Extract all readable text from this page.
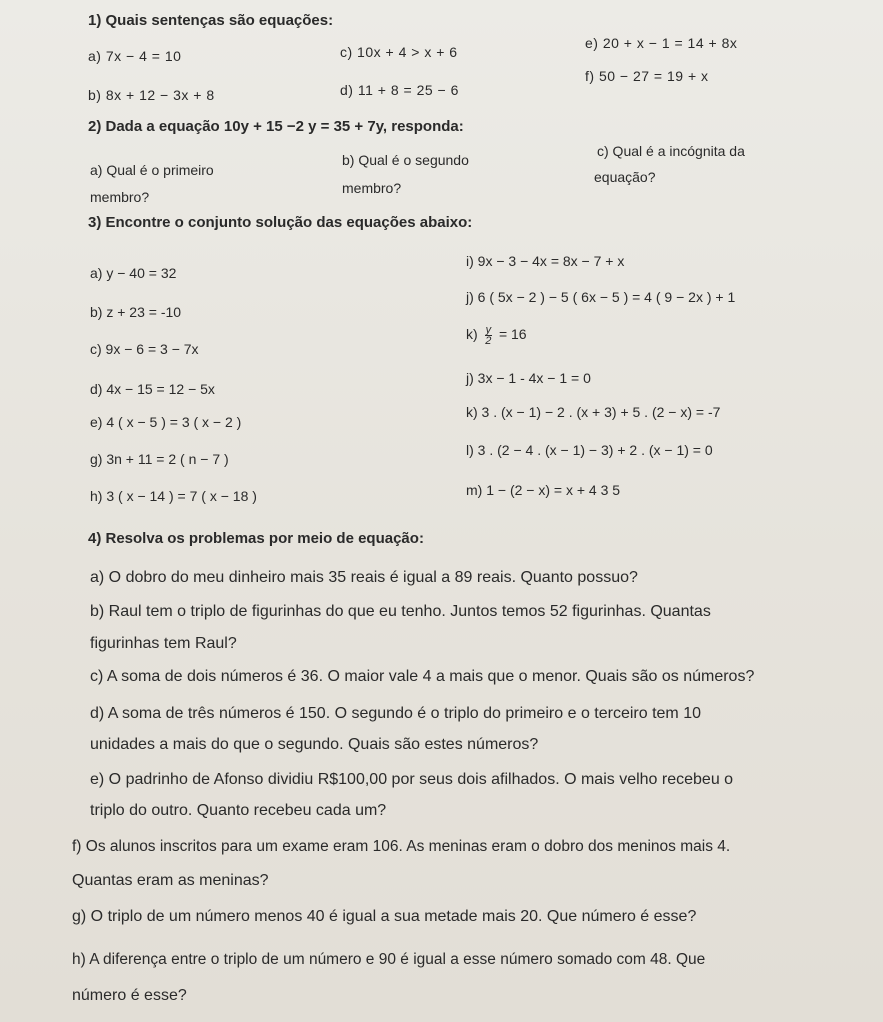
1) Quais sentenças são equações:
a) 7x − 4 = 10
b) 8x + 12 − 3x + 8
c) 10x + 4 > x + 6
d) 11 + 8 = 25 − 6
e) 20 + x − 1 = 14 + 8x
f) 50 − 27 = 19 + x
2) Dada a equação 10y + 15 −2 y = 35 + 7y, responda:
a) Qual é o primeiro
membro?
b) Qual é o segundo
membro?
c) Qual é a incógnita da
equação?
3) Encontre o conjunto solução das equações abaixo:
a) y − 40 = 32
b) z + 23 = -10
c) 9x − 6 = 3 − 7x
d) 4x − 15 = 12 − 5x
e) 4 ( x − 5 ) = 3 ( x − 2 )
g) 3n + 11 = 2 ( n − 7 )
h) 3 ( x − 14 ) = 7 ( x − 18 )
i) 9x − 3 − 4x = 8x − 7 + x
j) 6 ( 5x − 2 ) − 5 ( 6x − 5 ) = 4 ( 9 − 2x ) + 1
$k) \frac{y}{2} = 16$
j) 3x − 1 - 4x − 1 = 0
k) 3 . (x − 1) − 2 . (x + 3) + 5 . (2 − x) = -7
l) 3 . (2 − 4 . (x − 1) − 3) + 2 . (x − 1) = 0
m) 1 − (2 − x) = x + 4 3 5
4) Resolva os problemas por meio de equação:
a) O dobro do meu dinheiro mais 35 reais é igual a 89 reais. Quanto possuo?
b) Raul tem o triplo de figurinhas do que eu tenho. Juntos temos 52 figurinhas. Quantas
figurinhas tem Raul?
c) A soma de dois números é 36. O maior vale 4 a mais que o menor. Quais são os números?
d) A soma de três números é 150. O segundo é o triplo do primeiro e o terceiro tem 10
unidades a mais do que o segundo. Quais são estes números?
e) O padrinho de Afonso dividiu R$100,00 por seus dois afilhados. O mais velho recebeu o
triplo do outro. Quanto recebeu cada um?
f) Os alunos inscritos para um exame eram 106. As meninas eram o dobro dos meninos mais 4.
Quantas eram as meninas?
g) O triplo de um número menos 40 é igual a sua metade mais 20. Que número é esse?
h) A diferença entre o triplo de um número e 90 é igual a esse número somado com 48. Que
número é esse?
